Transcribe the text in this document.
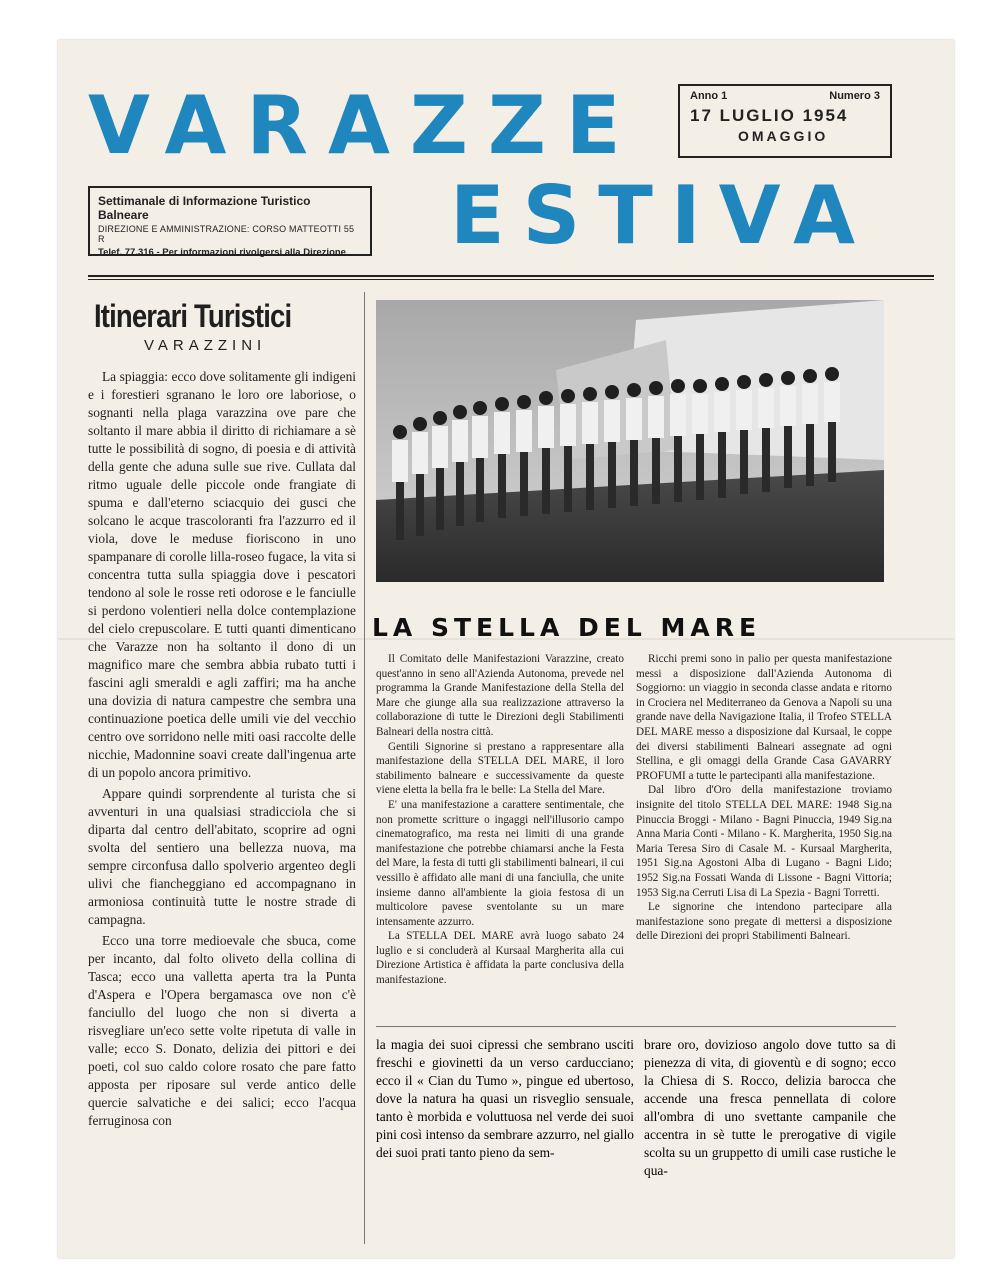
VARAZZE
ESTIVA
Anno 1	Numero 3
17 LUGLIO 1954
OMAGGIO
Settimanale di Informazione Turistico Balneare
DIREZIONE E AMMINISTRAZIONE: CORSO MATTEOTTI 55 R
Telef. 77.316 - Per informazioni rivolgersi alla Direzione
Itinerari Turistici
VARAZZINI

La spiaggia: ecco dove solitamente gli indigeni e i forestieri sgranano le loro ore laboriose, o sognanti nella plaga varazzina ove pare che soltanto il mare abbia il diritto di richiamare a sè tutte le possibilità di sogno, di poesia e di attività della gente che aduna sulle sue rive. Cullata dal ritmo uguale delle piccole onde frangiate di spuma e dall'eterno sciacquio dei gusci che solcano le acque trascoloranti fra l'azzurro ed il viola, dove le meduse fioriscono in uno spampanare di corolle lilla-roseo fugace, la vita si concentra tutta sulla spiaggia dove i pescatori tendono al sole le rosse reti odorose e le fanciulle si perdono volentieri nella dolce contemplazione del cielo crepuscolare. E tutti quanti dimenticano che Varazze non ha soltanto il dono di un magnifico mare che sembra abbia rubato tutti i fascini agli smeraldi e agli zaffiri; ma ha anche una dovizia di natura campestre che sembra una continuazione poetica delle umili vie del vecchio centro ove sorridono nelle miti oasi raccolte delle nicchie, Madonnine soavi create dall'ingenua arte di un popolo ancora primitivo.

Appare quindi sorprendente al turista che si avventuri in una qualsiasi stradicciola che si diparta dal centro dell'abitato, scoprire ad ogni svolta del sentiero una bellezza nuova, ma sempre circonfusa dallo spolverio argenteo degli ulivi che fiancheggiano ed accompagnano in armoniosa continuità tutte le nostre strade di campagna.

Ecco una torre medioevale che sbuca, come per incanto, dal folto oliveto della collina di Tasca; ecco una valletta aperta tra la Punta d'Aspera e l'Opera bergamasca ove non c'è fanciullo del luogo che non si diverta a risvegliare un'eco sette volte ripetuta di valle in valle; ecco S. Donato, delizia dei pittori e dei poeti, col suo caldo colore rosato che pare fatto apposta per riposare sul verde antico delle quercie salvatiche e dei salici; ecco l'acqua ferruginosa con

LA STELLA DEL MARE

Il Comitato delle Manifestazioni Varazzine, creato quest'anno in seno all'Azienda Autonoma, prevede nel programma la Grande Manifestazione della Stella del Mare che giunge alla sua realizzazione attraverso la collaborazione di tutte le Direzioni degli Stabilimenti Balneari della nostra città.

Gentili Signorine si prestano a rappresentare alla manifestazione della STELLA DEL MARE, il loro stabilimento balneare e successivamente da queste viene eletta la bella fra le belle: La Stella del Mare.

E' una manifestazione a carattere sentimentale, che non promette scritture o ingaggi nell'illusorio campo cinematografico, ma resta nei limiti di una grande manifestazione che potrebbe chiamarsi anche la Festa del Mare, la festa di tutti gli stabilimenti balneari, il cui vessillo è affidato alle mani di una fanciulla, che unite insieme danno all'ambiente la gioia festosa di un multicolore pavese sventolante su un mare intensamente azzurro.

La STELLA DEL MARE avrà luogo sabato 24 luglio e si concluderà al Kursaal Margherita alla cui Direzione Artistica è affidata la parte conclusiva della manifestazione.

Ricchi premi sono in palio per questa manifestazione messi a disposizione dall'Azienda Autonoma di Soggiorno: un viaggio in seconda classe andata e ritorno in Crociera nel Mediterraneo da Genova a Napoli su una grande nave della Navigazione Italia, il Trofeo STELLA DEL MARE messo a disposizione dal Kursaal, le coppe dei diversi stabilimenti Balneari assegnate ad ogni Stellina, e gli omaggi della Grande Casa GAVARRY PROFUMI a tutte le partecipanti alla manifestazione.

Dal libro d'Oro della manifestazione troviamo insignite del titolo STELLA DEL MARE: 1948 Sig.na Pinuccia Broggi - Milano - Bagni Pinuccia, 1949 Sig.na Anna Maria Conti - Milano - K. Margherita, 1950 Sig.na Maria Teresa Siro di Casale M. - Kursaal Margherita, 1951 Sig.na Agostoni Alba di Lugano - Bagni Lido; 1952 Sig.na Fossati Wanda di Lissone - Bagni Vittoria; 1953 Sig.na Cerruti Lisa di La Spezia - Bagni Torretti.

Le signorine che intendono partecipare alla manifestazione sono pregate di mettersi a disposizione delle Direzioni dei propri Stabilimenti Balneari.

la magia dei suoi cipressi che sembrano usciti freschi e giovinetti da un verso carducciano; ecco il « Cian du Tumo », pingue ed ubertoso, dove la natura ha quasi un risveglio sensuale, tanto è morbida e voluttuosa nel verde dei suoi pini così intenso da sembrare azzurro, nel giallo dei suoi prati tanto pieno da sem-

brare oro, dovizioso angolo dove tutto sa di pienezza di vita, di gioventù e di sogno; ecco la Chiesa di S. Rocco, delizia barocca che accende una fresca pennellata di colore all'ombra di uno svettante campanile che accentra in sè tutte le prerogative di vigile scolta su un gruppetto di umili case rustiche le qua-
